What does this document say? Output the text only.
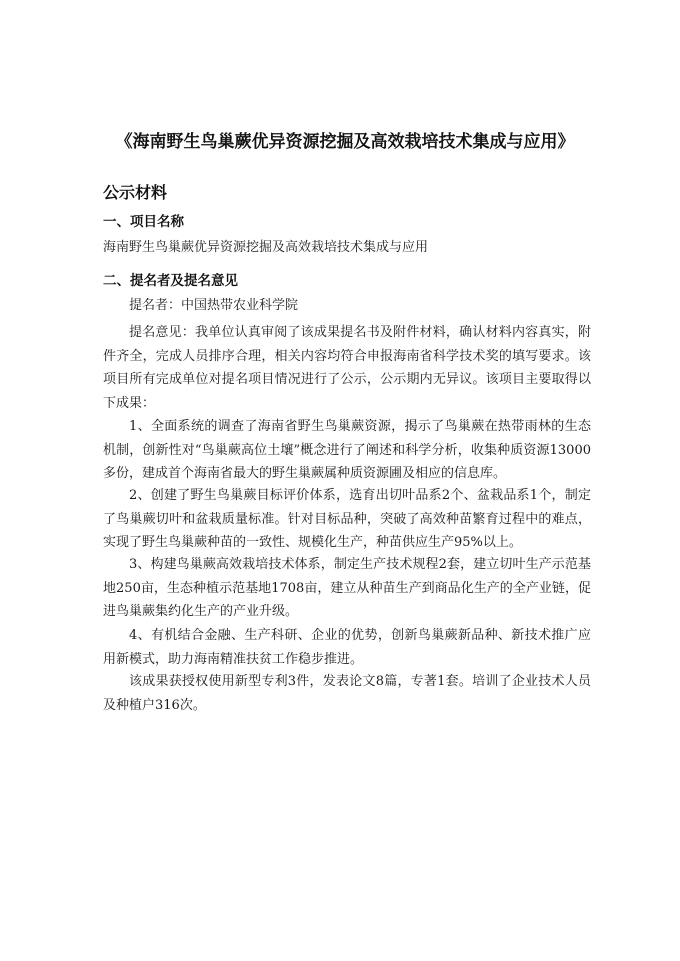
《海南野生鸟巢蕨优异资源挖掘及高效栽培技术集成与应用》
公示材料
一、项目名称
海南野生鸟巢蕨优异资源挖掘及高效栽培技术集成与应用
二、提名者及提名意见
提名者：中国热带农业科学院
提名意见：我单位认真审阅了该成果提名书及附件材料，确认材料内容真实，附件齐全，完成人员排序合理，相关内容均符合申报海南省科学技术奖的填写要求。该项目所有完成单位对提名项目情况进行了公示，公示期内无异议。该项目主要取得以下成果：
1、全面系统的调查了海南省野生鸟巢蕨资源，揭示了鸟巢蕨在热带雨林的生态机制，创新性对“鸟巢蕨高位土壤”概念进行了阐述和科学分析，收集种质资源13000多份，建成首个海南省最大的野生巢蕨属种质资源圃及相应的信息库。
2、创建了野生鸟巢蕨目标评价体系，选育出切叶品系2个、盆栽品系1个，制定了鸟巢蕨切叶和盆栽质量标准。针对目标品种，突破了高效种苗繁育过程中的难点，实现了野生鸟巢蕨种苗的一致性、规模化生产，种苗供应生产95%以上。
3、构建鸟巢蕨高效栽培技术体系，制定生产技术规程2套，建立切叶生产示范基地250亩，生态种植示范基地1708亩，建立从种苗生产到商品化生产的全产业链，促进鸟巢蕨集约化生产的产业升级。
4、有机结合金融、生产科研、企业的优势，创新鸟巢蕨新品种、新技术推广应用新模式，助力海南精准扶贫工作稳步推进。
该成果获授权使用新型专利3件，发表论文8篇，专著1套。培训了企业技术人员及种植户316次。
